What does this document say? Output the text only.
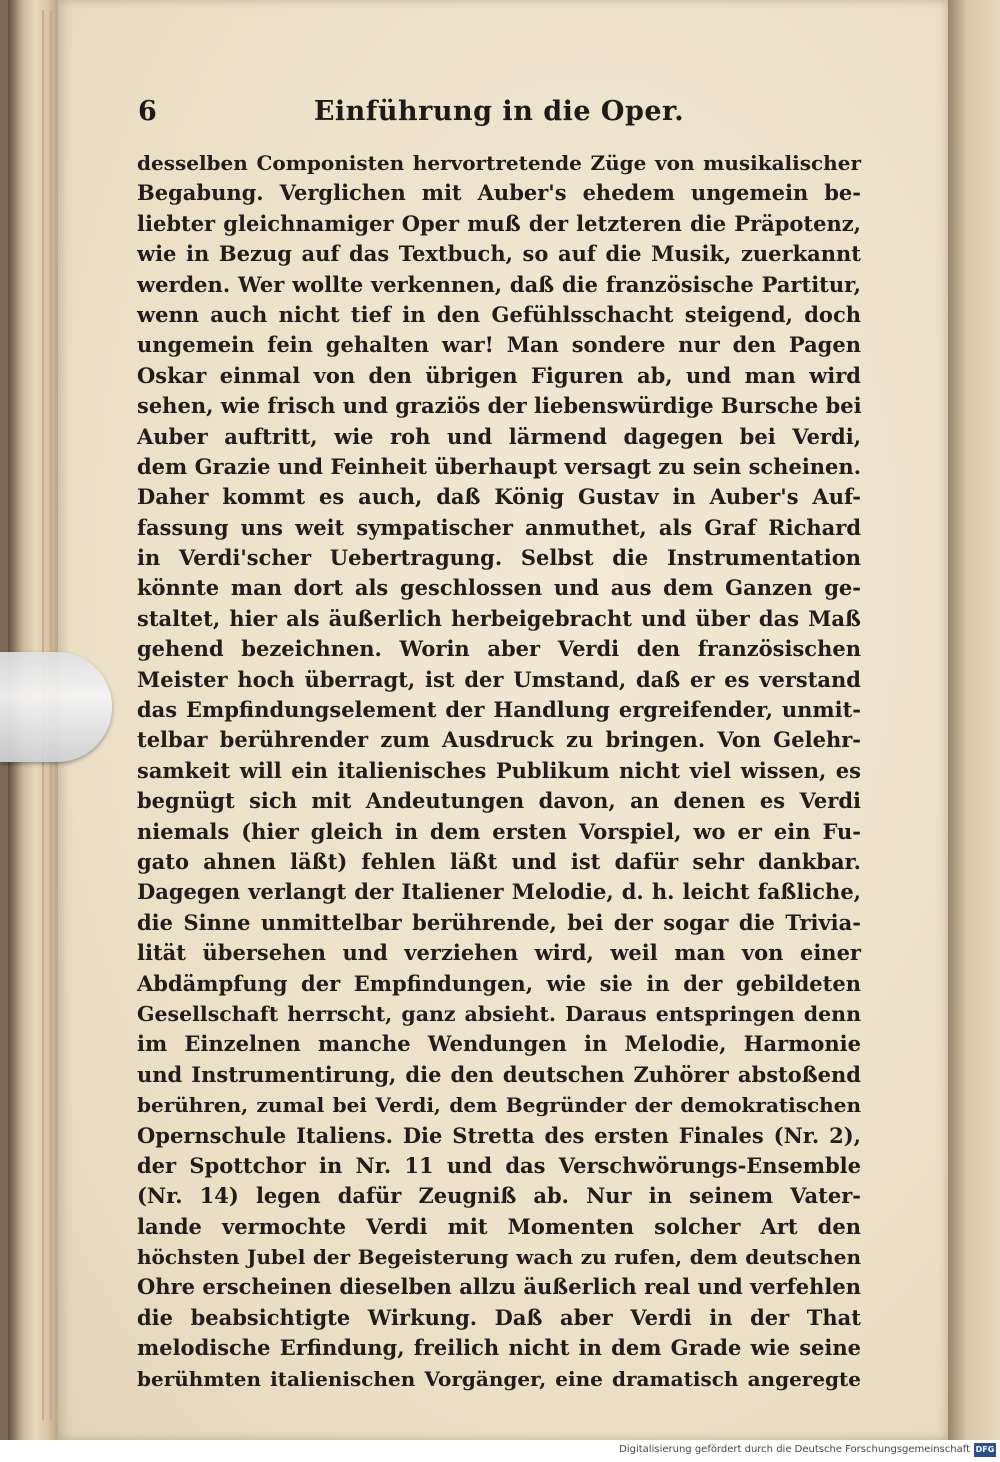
6	Einführung in die Oper.
desselben Componisten hervortretende Züge von musikalischer
Begabung. Verglichen mit Auber's ehedem ungemein be-
liebter gleichnamiger Oper muß der letzteren die Präpotenz,
wie in Bezug auf das Textbuch, so auf die Musik, zuerkannt
werden. Wer wollte verkennen, daß die französische Partitur,
wenn auch nicht tief in den Gefühlsschacht steigend, doch
ungemein fein gehalten war! Man sondere nur den Pagen
Oskar einmal von den übrigen Figuren ab, und man wird
sehen, wie frisch und graziös der liebenswürdige Bursche bei
Auber auftritt, wie roh und lärmend dagegen bei Verdi,
dem Grazie und Feinheit überhaupt versagt zu sein scheinen.
Daher kommt es auch, daß König Gustav in Auber's Auf-
fassung uns weit sympatischer anmuthet, als Graf Richard
in Verdi'scher Uebertragung. Selbst die Instrumentation
könnte man dort als geschlossen und aus dem Ganzen ge-
staltet, hier als äußerlich herbeigebracht und über das Maß
gehend bezeichnen. Worin aber Verdi den französischen
Meister hoch überragt, ist der Umstand, daß er es verstand
das Empfindungselement der Handlung ergreifender, unmit-
telbar berührender zum Ausdruck zu bringen. Von Gelehr-
samkeit will ein italienisches Publikum nicht viel wissen, es
begnügt sich mit Andeutungen davon, an denen es Verdi
niemals (hier gleich in dem ersten Vorspiel, wo er ein Fu-
gato ahnen läßt) fehlen läßt und ist dafür sehr dankbar.
Dagegen verlangt der Italiener Melodie, d. h. leicht faßliche,
die Sinne unmittelbar berührende, bei der sogar die Trivia-
lität übersehen und verziehen wird, weil man von einer
Abdämpfung der Empfindungen, wie sie in der gebildeten
Gesellschaft herrscht, ganz absieht. Daraus entspringen denn
im Einzelnen manche Wendungen in Melodie, Harmonie
und Instrumentirung, die den deutschen Zuhörer abstoßend
berühren, zumal bei Verdi, dem Begründer der demokratischen
Opernschule Italiens. Die Stretta des ersten Finales (Nr. 2),
der Spottchor in Nr. 11 und das Verschwörungs-Ensemble
(Nr. 14) legen dafür Zeugniß ab. Nur in seinem Vater-
lande vermochte Verdi mit Momenten solcher Art den
höchsten Jubel der Begeisterung wach zu rufen, dem deutschen
Ohre erscheinen dieselben allzu äußerlich real und verfehlen
die beabsichtigte Wirkung. Daß aber Verdi in der That
melodische Erfindung, freilich nicht in dem Grade wie seine
berühmten italienischen Vorgänger, eine dramatisch angeregte
Digitalisierung gefördert durch die Deutsche Forschungsgemeinschaft DFG
